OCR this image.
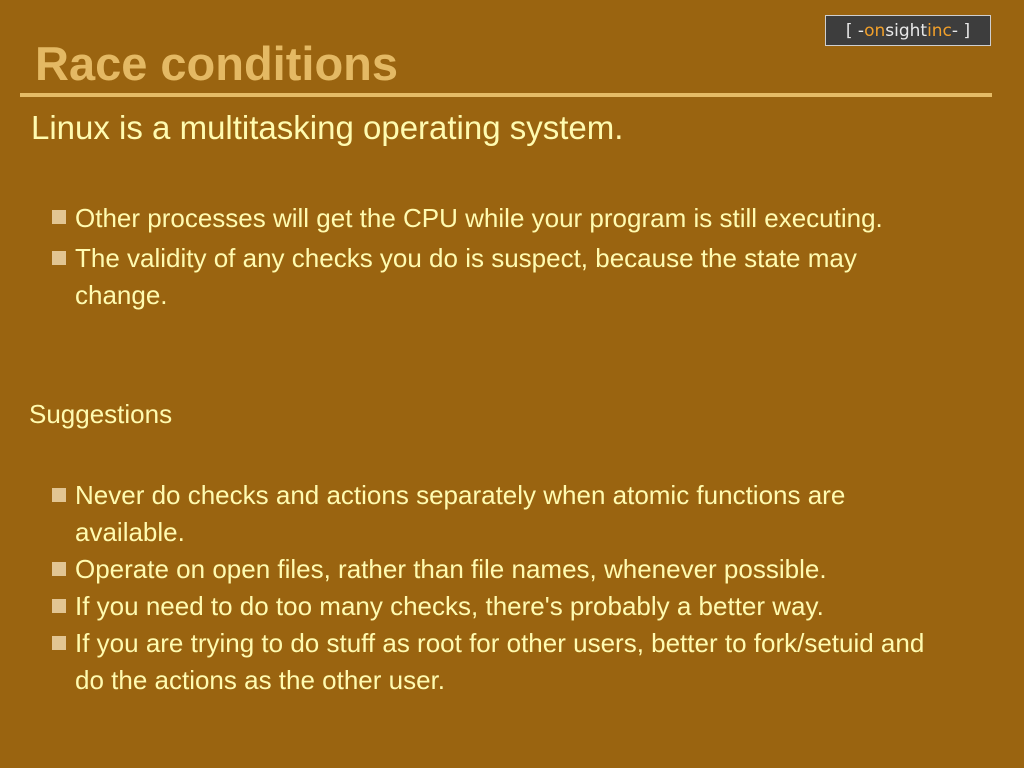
[ - on sight inc - ]
Race conditions
Linux is a multitasking operating system.
Other processes will get the CPU while your program is still executing.
The validity of any checks you do is suspect, because the state may change.
Suggestions
Never do checks and actions separately when atomic functions are available.
Operate on open files, rather than file names, whenever possible.
If you need to do too many checks, there's probably a better way.
If you are trying to do stuff as root for other users, better to fork/setuid and do the actions as the other user.
